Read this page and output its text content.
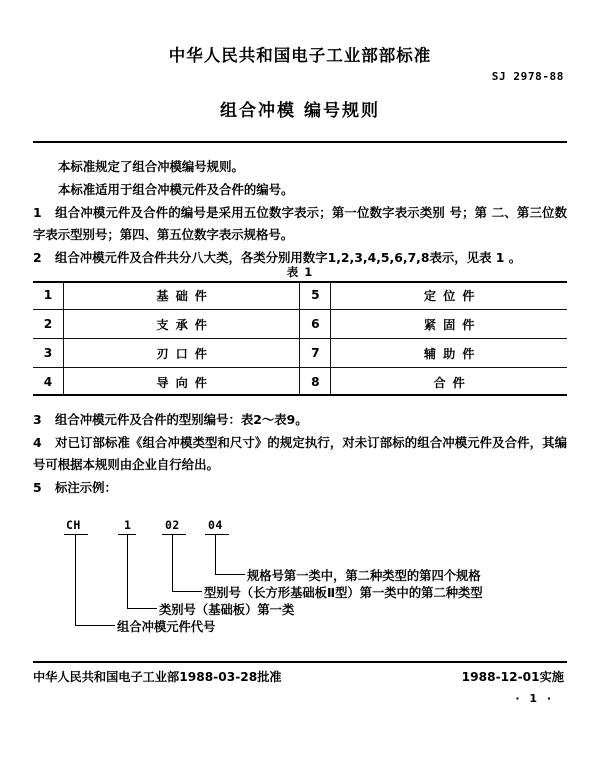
中华人民共和国电子工业部部标准
SJ 2978-88
组合冲模 编号规则

本标准规定了组合冲模编号规则。

本标准适用于组合冲模元件及合件的编号。

1 组合冲模元件及合件的编号是采用五位数字表示；第一位数字表示类别 号；第 二、第三位数字表示型别号；第四、第五位数字表示规格号。

2 组合冲模元件及合件共分八大类，各类分别用数字1,2,3,4,5,6,7,8表示，见表 1 。

表 1
1	基础件	5	定位件
2	支承件	6	紧固件
3	刃口件	7	辅助件
4	导向件	8	合件

3 组合冲模元件及合件的型别编号：表2～表9。

4 对已订部标准《组合冲模类型和尺寸》的规定执行，对未订部标的组合冲模元件及合件，其编号可根据本规则由企业自行给出。

5 标注示例：

CH	1	02 04
规格号第一类中，第二种类型的第四个规格
型别号（长方形基础板Ⅱ型）第一类中的第二种类型
类别号（基础板）第一类
组合冲模元件代号
中华人民共和国电子工业部1988-03-28批准	1988-12-01实施
· 1 ·
